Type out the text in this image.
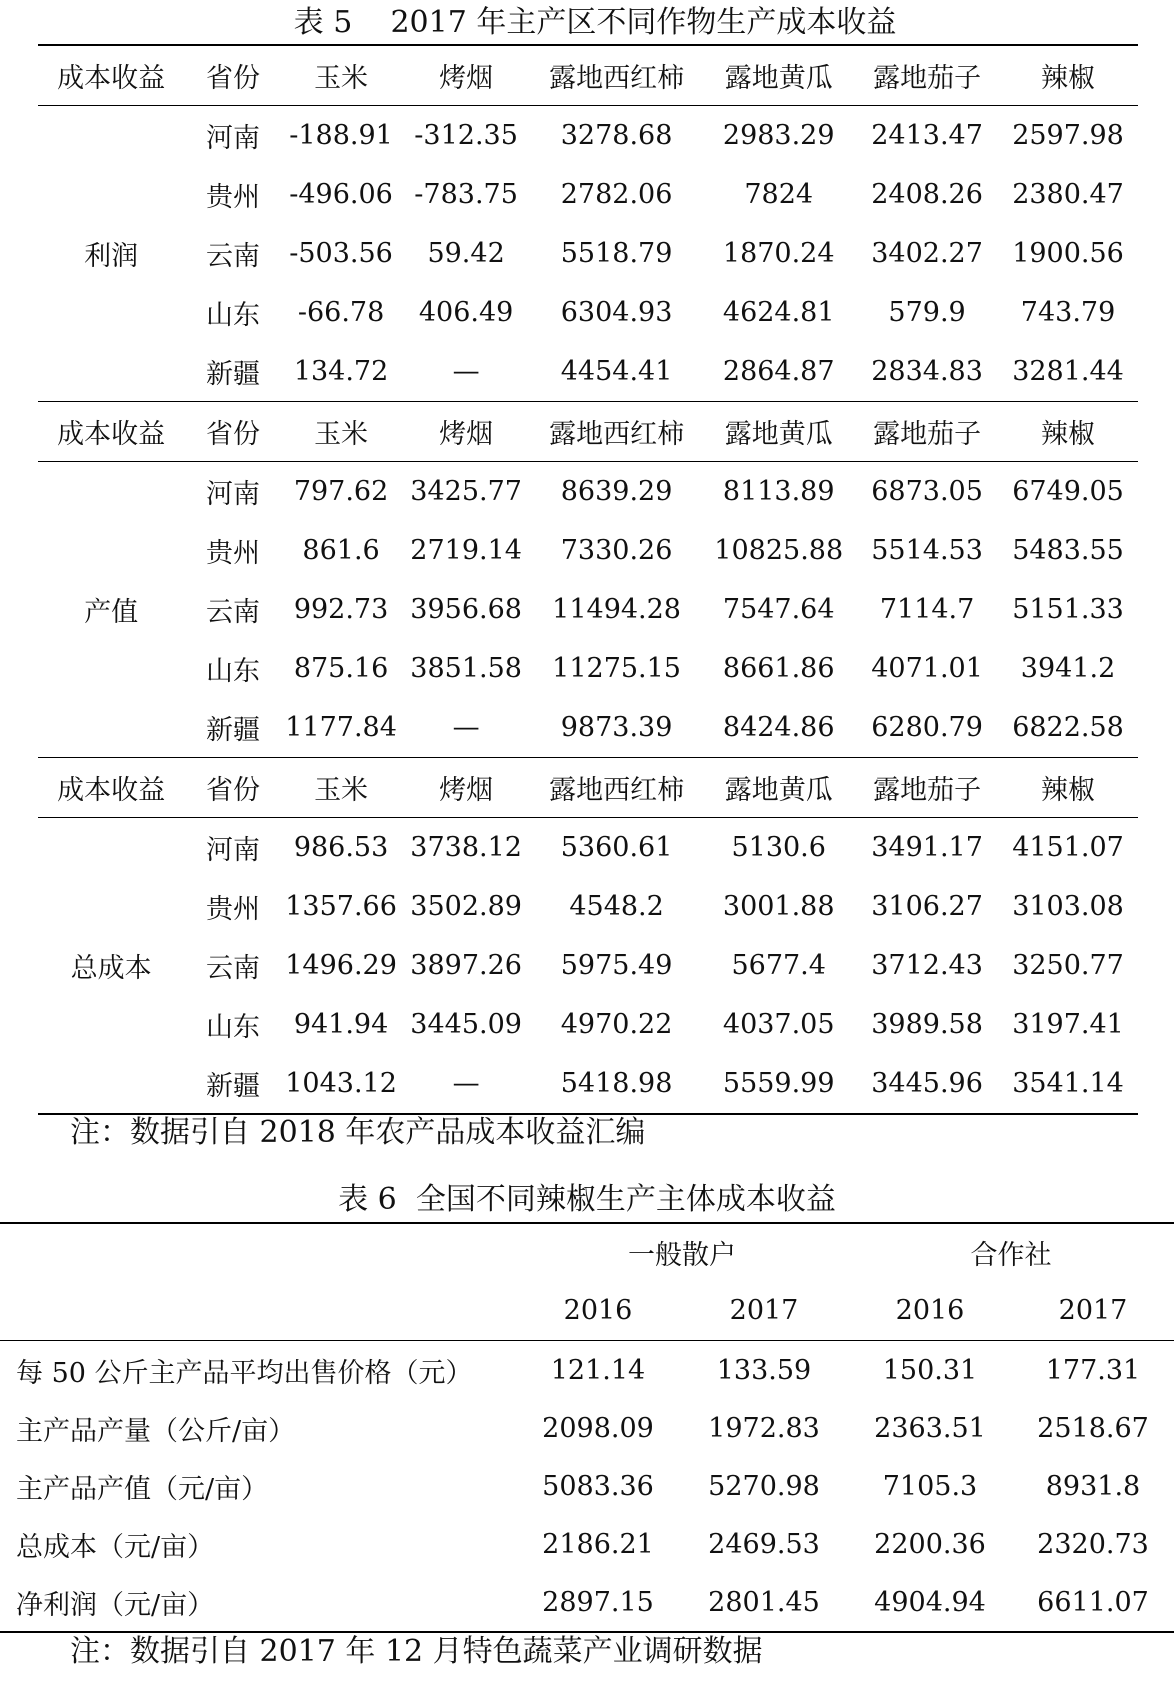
表 5    2017 年主产区不同作物生产成本收益
成本收益	省份	玉米	烤烟	露地西红柿	露地黄瓜	露地茄子	辣椒
利润	河南	-188.91	-312.35	3278.68	2983.29	2413.47	2597.98
	贵州	-496.06	-783.75	2782.06	7824	2408.26	2380.47
	云南	-503.56	59.42	5518.79	1870.24	3402.27	1900.56
	山东	-66.78	406.49	6304.93	4624.81	579.9	743.79
	新疆	134.72	—	4454.41	2864.87	2834.83	3281.44
成本收益	省份	玉米	烤烟	露地西红柿	露地黄瓜	露地茄子	辣椒
产值	河南	797.62	3425.77	8639.29	8113.89	6873.05	6749.05
	贵州	861.6	2719.14	7330.26	10825.88	5514.53	5483.55
	云南	992.73	3956.68	11494.28	7547.64	7114.7	5151.33
	山东	875.16	3851.58	11275.15	8661.86	4071.01	3941.2
	新疆	1177.84	—	9873.39	8424.86	6280.79	6822.58
成本收益	省份	玉米	烤烟	露地西红柿	露地黄瓜	露地茄子	辣椒
总成本	河南	986.53	3738.12	5360.61	5130.6	3491.17	4151.07
	贵州	1357.66	3502.89	4548.2	3001.88	3106.27	3103.08
	云南	1496.29	3897.26	5975.49	5677.4	3712.43	3250.77
	山东	941.94	3445.09	4970.22	4037.05	3989.58	3197.41
	新疆	1043.12	—	5418.98	5559.99	3445.96	3541.14
注：数据引自 2018 年农产品成本收益汇编
表 6  全国不同辣椒生产主体成本收益
	一般散户		合作社	
	2016	2017	2016	2017
每 50 公斤主产品平均出售价格（元）	121.14	133.59	150.31	177.31
主产品产量（公斤/亩）	2098.09	1972.83	2363.51	2518.67
主产品产值（元/亩）	5083.36	5270.98	7105.3	8931.8
总成本（元/亩）	2186.21	2469.53	2200.36	2320.73
净利润（元/亩）	2897.15	2801.45	4904.94	6611.07
注：数据引自 2017 年 12 月特色蔬菜产业调研数据
